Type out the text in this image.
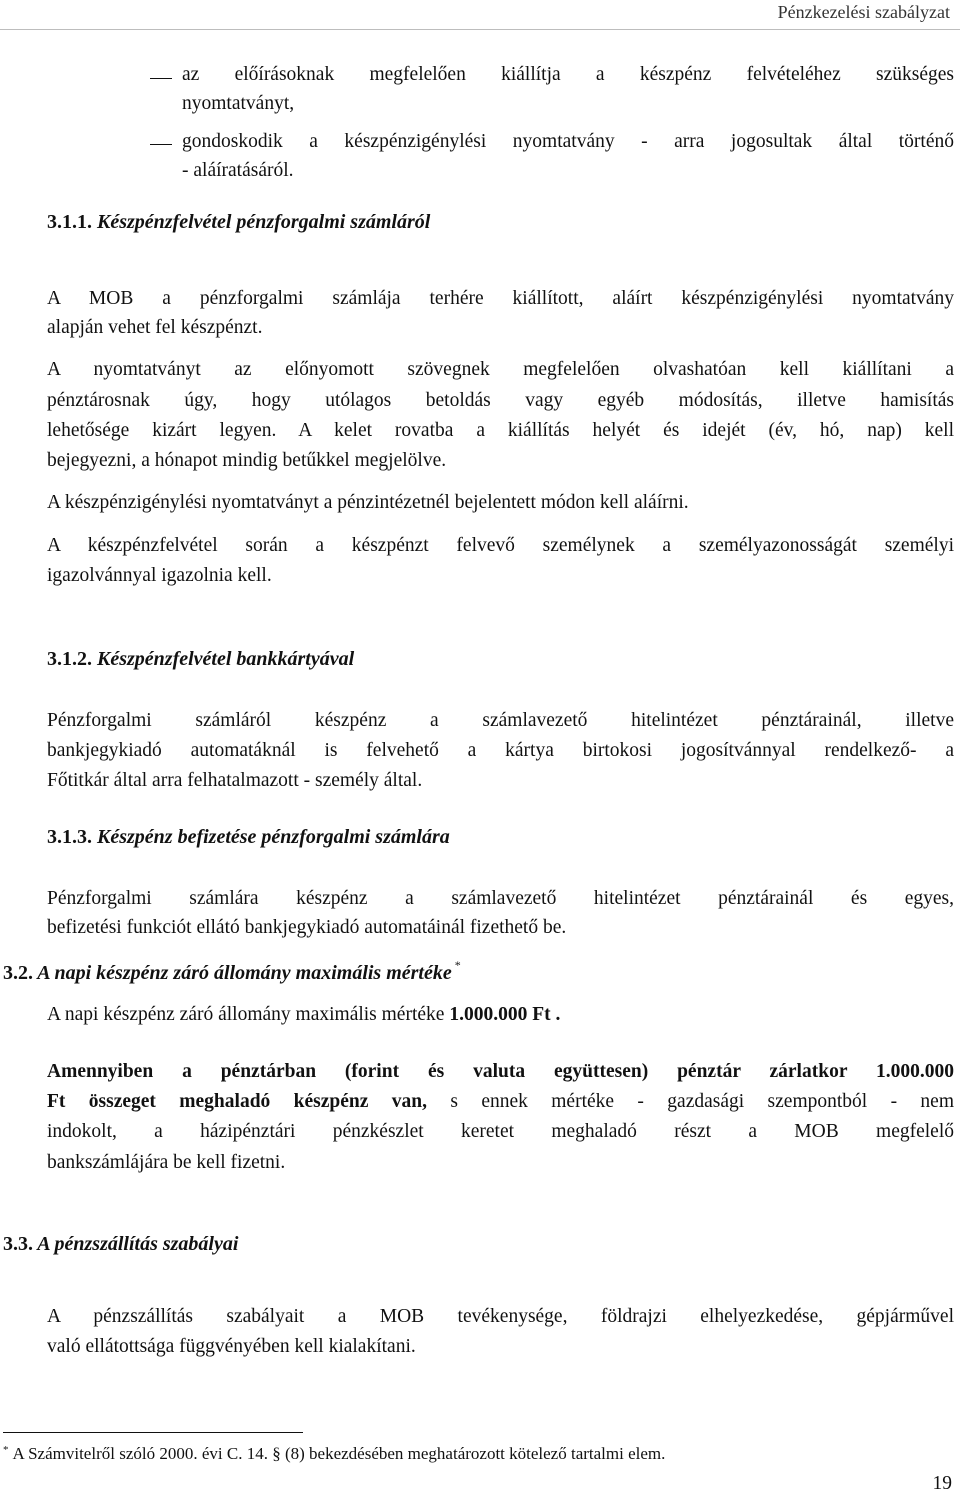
Pénzkezelési szabályzat
az előírásoknak megfelelően kiállítja a készpénz felvételéhez szükséges
nyomtatványt,
gondoskodik a készpénzigénylési nyomtatvány - arra jogosultak által történő
- aláíratásáról.
3.1.1. Készpénzfelvétel pénzforgalmi számláról
A MOB a pénzforgalmi számlája terhére kiállított, aláírt készpénzigénylési nyomtatvány
alapján vehet fel készpénzt.
A nyomtatványt az előnyomott szövegnek megfelelően olvashatóan kell kiállítani a
pénztárosnak úgy, hogy utólagos betoldás vagy egyéb módosítás, illetve hamisítás
lehetősége kizárt legyen. A kelet rovatba a kiállítás helyét és idejét (év, hó, nap) kell
bejegyezni, a hónapot mindig betűkkel megjelölve.
A készpénzigénylési nyomtatványt a pénzintézetnél bejelentett módon kell aláírni.
A készpénzfelvétel során a készpénzt felvevő személynek a személyazonosságát személyi
igazolvánnyal igazolnia kell.
3.1.2. Készpénzfelvétel bankkártyával
Pénzforgalmi számláról készpénz a számlavezető hitelintézet pénztárainál, illetve
bankjegykiadó automatáknál is felvehető a kártya birtokosi jogosítvánnyal rendelkező- a
Főtitkár által arra felhatalmazott - személy által.
3.1.3. Készpénz befizetése pénzforgalmi számlára
Pénzforgalmi számlára készpénz a számlavezető hitelintézet pénztárainál és egyes,
befizetési funkciót ellátó bankjegykiadó automatáinál fizethető be.
3.2. A napi készpénz záró állomány maximális mértéke *
A napi készpénz záró állomány maximális mértéke 1.000.000 Ft .
Amennyiben a pénztárban (forint és valuta együttesen) pénztár zárlatkor 1.000.000
Ft összeget meghaladó készpénz van, s ennek mértéke - gazdasági szempontból - nem
indokolt, a házipénztári pénzkészlet keretet meghaladó részt a MOB megfelelő
bankszámlájára be kell fizetni.
3.3. A pénzszállítás szabályai
A pénzszállítás szabályait a MOB tevékenysége, földrajzi elhelyezkedése, gépjárművel
való ellátottsága függvényében kell kialakítani.
* A Számvitelről szóló 2000. évi C. 14. § (8) bekezdésében meghatározott kötelező tartalmi elem.
19
